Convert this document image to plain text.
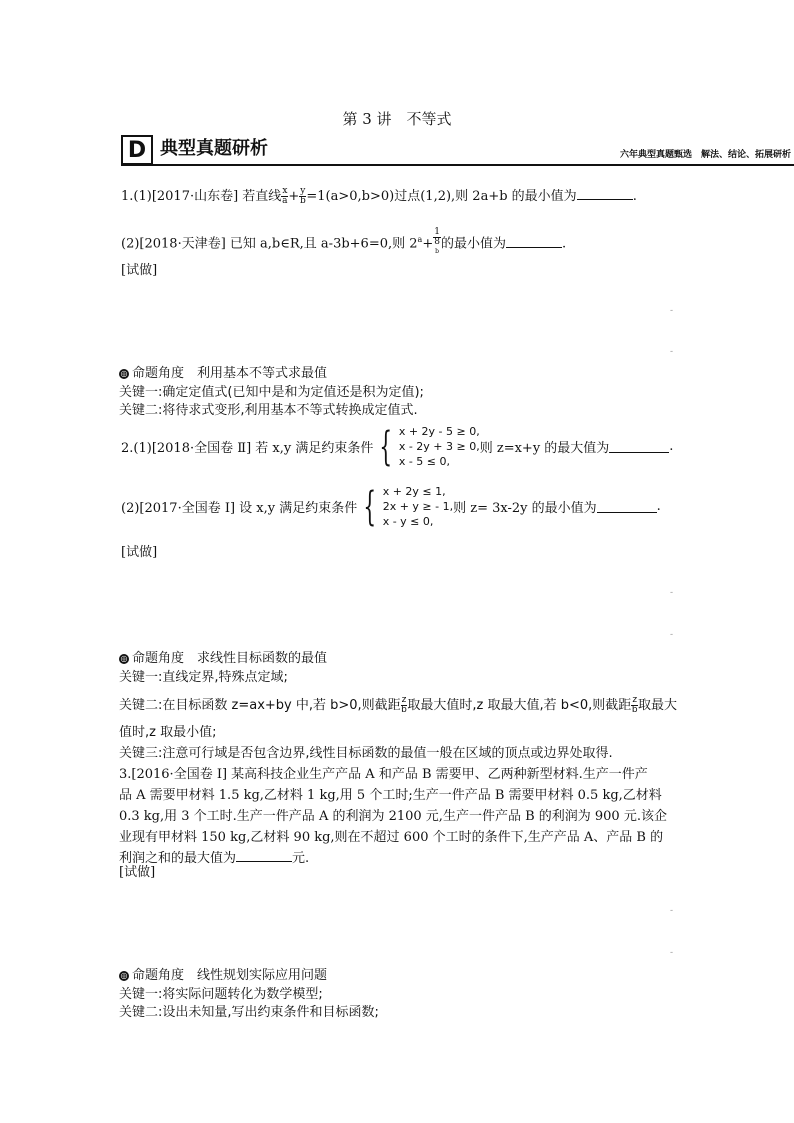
第 3 讲　不等式
D 典型真题研析	六年典型真题甄选　解法、结论、拓展研析
1.(1)[2017·山东卷] 若直线 $\frac{x}{a} + \frac{y}{b} =1(a>0,b>0)$过点(1,2),则 2a+b 的最小值为	.
(2)[2018·天津卷] 已知 a,b∈R,且 a-3b+6=0,则 $2^a+ 1$
8
$^b$ 的最小值为	.
[试做]
-
-
◎ 命题角度　利用基本不等式求最值
关键一:确定定值式(已知中是和为定值还是积为定值);
关键二:将待求式变形,利用基本不等式转换成定值式.
2.(1)[2018·全国卷 Ⅱ] 若 x,y 满足约束条件 { x + 2y - 5 ≥ 0,
x - 2y + 3 ≥ 0,
x - 5 ≤ 0,
则 z=x+y 的最大值为	.
(2)[2017·全国卷 Ⅰ] 设 x,y 满足约束条件 { x + 2y ≤ 1,
2x + y ≥ - 1,
x - y ≤ 0,
则 z= 3x-2y 的最小值为	.
[试做]
-
-
◎ 命题角度　求线性目标函数的最值
关键一:直线定界,特殊点定域;
关键二:在目标函数 z=ax+by 中,若 b>0,则截距 $\frac{z}{b}$ 取最大值时,z 取最大值,若 b<0,则截距 $\frac{z}{b}$ 取最大
值时,z 取最小值;
关键三:注意可行域是否包含边界,线性目标函数的最值一般在区域的顶点或边界处取得.
3.[2016·全国卷 Ⅰ] 某高科技企业生产产品 A 和产品 B 需要甲、乙两种新型材料.生产一件产
品 A 需要甲材料 1.5 kg,乙材料 1 kg,用 5 个工时;生产一件产品 B 需要甲材料 0.5 kg,乙材料
0.3 kg,用 3 个工时.生产一件产品 A 的利润为 2100 元,生产一件产品 B 的利润为 900 元.该企
业现有甲材料 150 kg,乙材料 90 kg,则在不超过 600 个工时的条件下,生产产品 A、产品 B 的
利润之和的最大值为	元.
[试做]
-
-
◎ 命题角度　线性规划实际应用问题
关键一:将实际问题转化为数学模型;
关键二:设出未知量,写出约束条件和目标函数;
